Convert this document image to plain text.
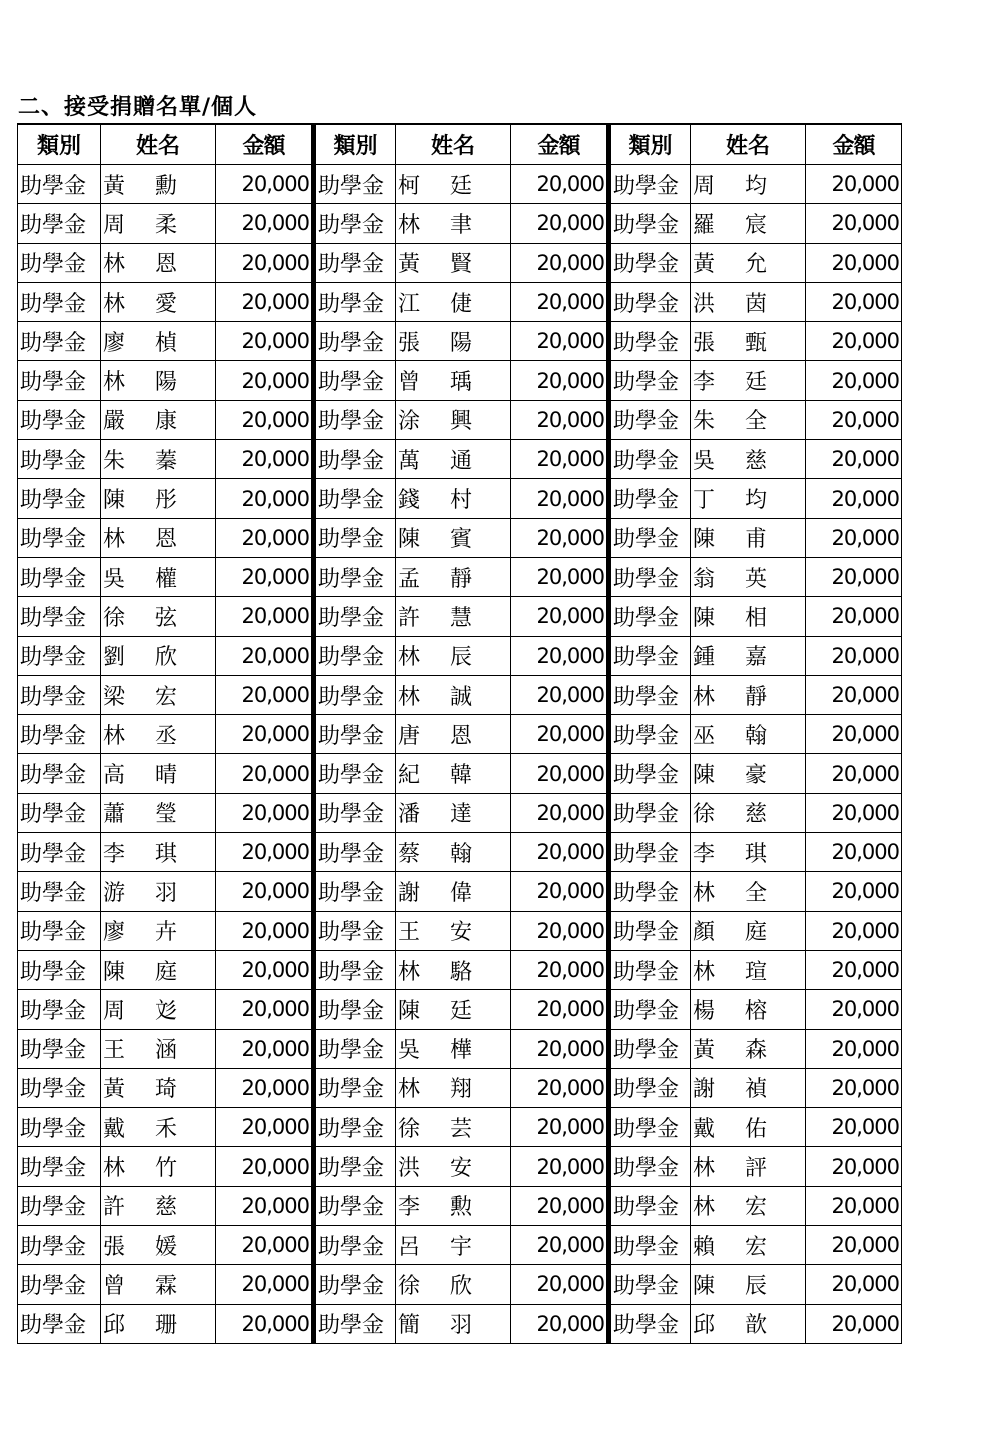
二、接受捐贈名單/個人
類別	姓名	金額	類別	姓名	金額	類別	姓名	金額
助學金 黃 勳	20,000 助學金 柯 廷	20,000 助學金 周 均	20,000
助學金 周 柔	20,000 助學金 林 聿	20,000 助學金 羅 宸	20,000
助學金 林 恩	20,000 助學金 黃 賢	20,000 助學金 黃 允	20,000
助學金 林 愛	20,000 助學金 江 倢	20,000 助學金 洪 茵	20,000
助學金 廖 楨	20,000 助學金 張 陽	20,000 助學金 張 甄	20,000
助學金 林 陽	20,000 助學金 曾 瑀	20,000 助學金 李 廷	20,000
助學金 嚴 康	20,000 助學金 涂 興	20,000 助學金 朱 全	20,000
助學金 朱 蓁	20,000 助學金 萬 通	20,000 助學金 吳 慈	20,000
助學金 陳 彤	20,000 助學金 錢 村	20,000 助學金 丁 均	20,000
助學金 林 恩	20,000 助學金 陳 賓	20,000 助學金 陳 甫	20,000
助學金 吳 權	20,000 助學金 孟 靜	20,000 助學金 翁 英	20,000
助學金 徐 弦	20,000 助學金 許 慧	20,000 助學金 陳 相	20,000
助學金 劉 欣	20,000 助學金 林 辰	20,000 助學金 鍾 嘉	20,000
助學金 梁 宏	20,000 助學金 林 誠	20,000 助學金 林 靜	20,000
助學金 林 丞	20,000 助學金 唐 恩	20,000 助學金 巫 翰	20,000
助學金 高 晴	20,000 助學金 紀 韓	20,000 助學金 陳 豪	20,000
助學金 蕭 瑩	20,000 助學金 潘 達	20,000 助學金 徐 慈	20,000
助學金 李 琪	20,000 助學金 蔡 翰	20,000 助學金 李 琪	20,000
助學金 游 羽	20,000 助學金 謝 偉	20,000 助學金 林 全	20,000
助學金 廖 卉	20,000 助學金 王 安	20,000 助學金 顏 庭	20,000
助學金 陳 庭	20,000 助學金 林 駱	20,000 助學金 林 瑄	20,000
助學金 周 彣	20,000 助學金 陳 廷	20,000 助學金 楊 榕	20,000
助學金 王 涵	20,000 助學金 吳 樺	20,000 助學金 黃 森	20,000
助學金 黃 琦	20,000 助學金 林 翔	20,000 助學金 謝 禎	20,000
助學金 戴 禾	20,000 助學金 徐 芸	20,000 助學金 戴 佑	20,000
助學金 林 竹	20,000 助學金 洪 安	20,000 助學金 林 評	20,000
助學金 許 慈	20,000 助學金 李 勲	20,000 助學金 林 宏	20,000
助學金 張 媛	20,000 助學金 呂 宇	20,000 助學金 賴 宏	20,000
助學金 曾 霖	20,000 助學金 徐 欣	20,000 助學金 陳 辰	20,000
助學金 邱 珊	20,000 助學金 簡 羽	20,000 助學金 邱 歆	20,000
